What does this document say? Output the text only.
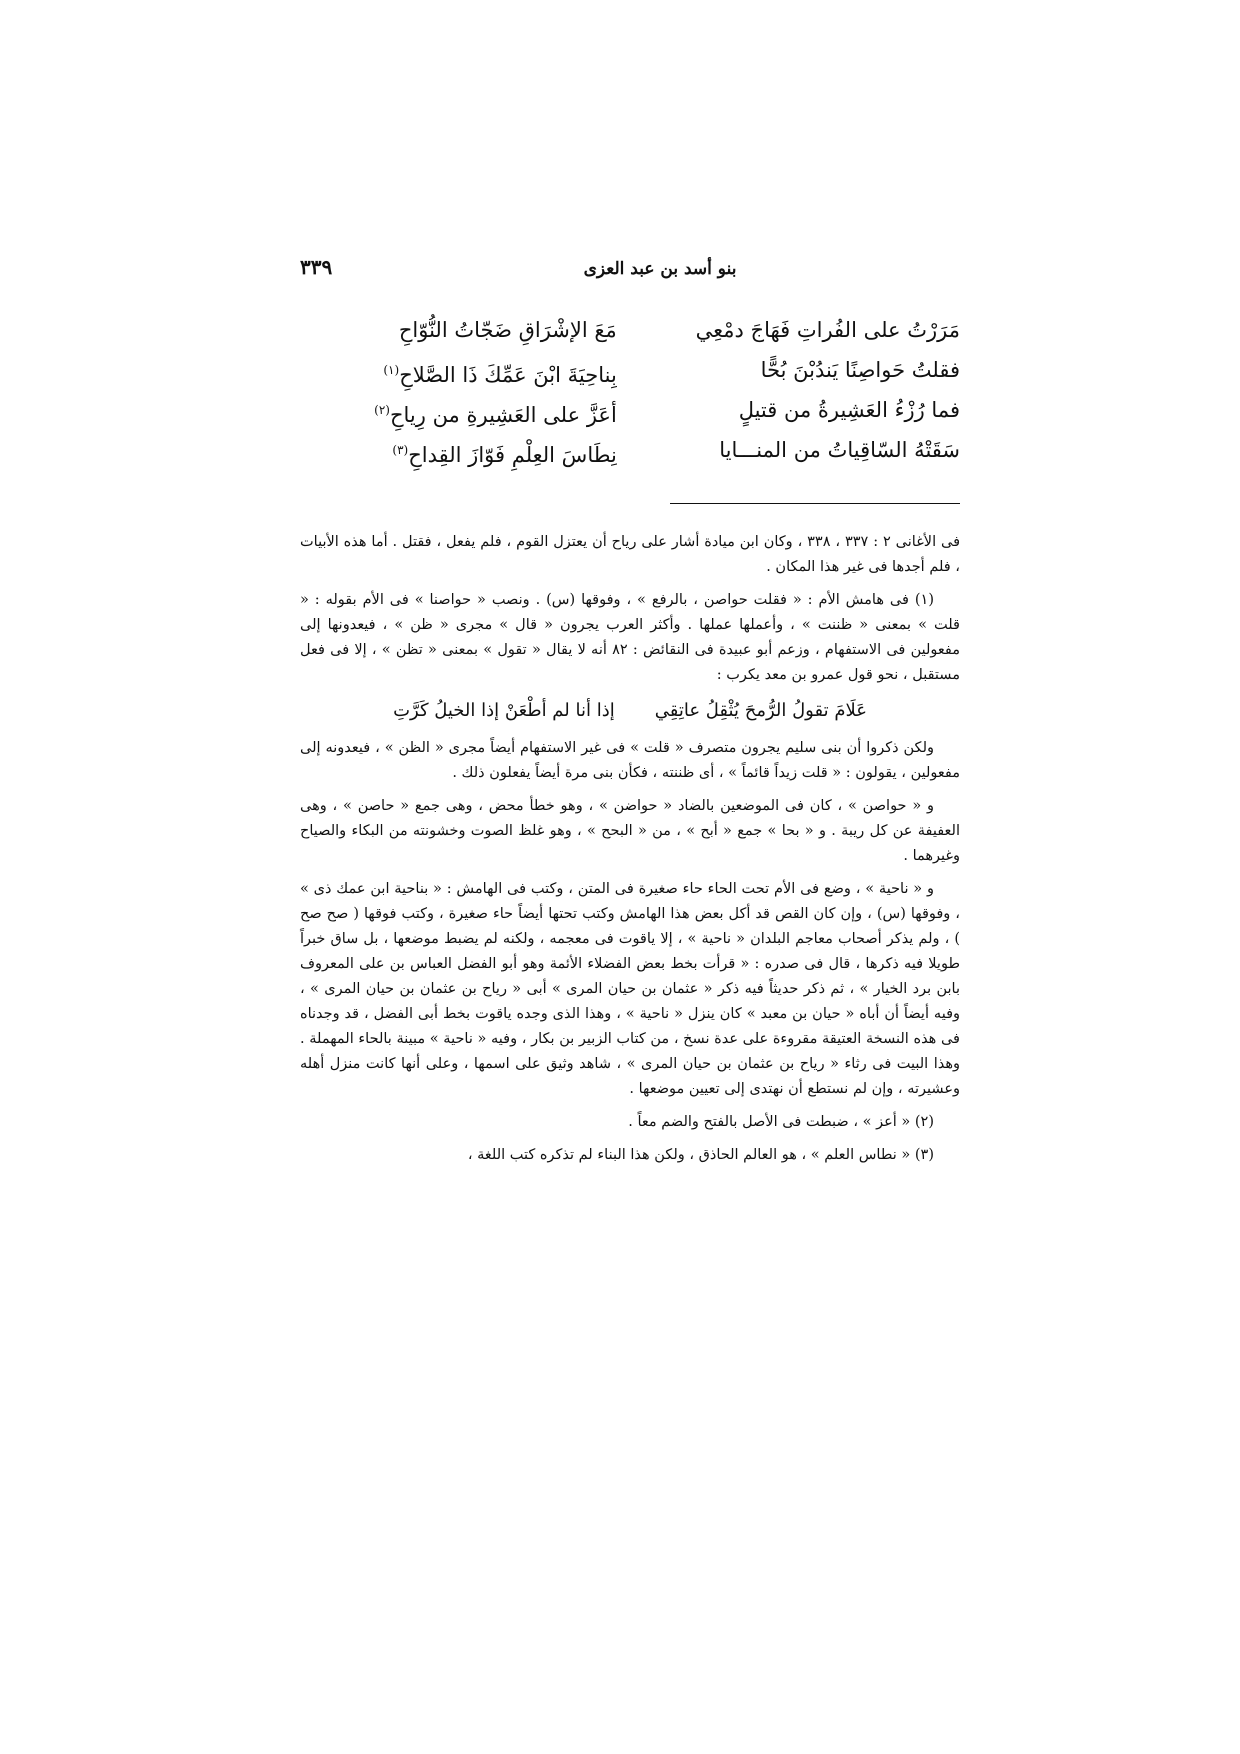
بنو أسد بن عبد العزى
٣٣٩
مَرَرْتُ على الفُراتِ فَهَاجَ دمْعِي
مَعَ الإشْرَاقِ ضَجّاتُ النُّوّاحِ
فقلتُ حَواصِنًا يَندُبْنَ بُحًّا
بِناحِيَةَ ابْنَ عَمِّكَ ذَا الصَّلاحِ$^{(١)}$
فما رُزْءُ العَشِيرةُ من قتيلٍ
أعَزَّ على العَشِيرةِ من رِياحِ$^{(٢)}$
سَقَتْهُ السّاقِياتُ من المنـــايا
نِطَاسَ العِلْمِ فَوّازَ القِداحِ$^{(٣)}$

فى الأغانى ٢ : ٣٣٧ ، ٣٣٨ ، وكان ابن ميادة أشار على رياح أن يعتزل القوم ، فلم يفعل ، فقتل . أما هذه الأبيات ، فلم أجدها فى غير هذا المكان .

(١) فى هامش الأم : « فقلت حواصن ، بالرفع » ، وفوقها (س) . ونصب « حواصنا » فى الأم بقوله : « قلت » بمعنى « ظننت » ، وأعملها عملها . وأكثر العرب يجرون « قال » مجرى « ظن » ، فيعدونها إلى مفعولين فى الاستفهام ، وزعم أبو عبيدة فى النقائض : ٨٢ أنه لا يقال « تقول » بمعنى « تظن » ، إلا فى فعل مستقبل ، نحو قول عمرو بن معد يكرب :

عَلَامَ تقولُ الرُّمحَ يُثْقِلُ عاتِقِي
إذا أنا لم أطْعَنْ إذا الخيلُ كَرَّتِ

ولكن ذكروا أن بنى سليم يجرون متصرف « قلت » فى غير الاستفهام أيضاً مجرى « الظن » ، فيعدونه إلى مفعولين ، يقولون : « قلت زيداً قائماً » ، أى ظننته ، فكأن بنى مرة أيضاً يفعلون ذلك .

و « حواصن » ، كان فى الموضعين بالضاد « حواضن » ، وهو خطأ محض ، وهى جمع « حاصن » ، وهى العفيفة عن كل ريبة . و « بحا » جمع « أبح » ، من « البحح » ، وهو غلظ الصوت وخشونته من البكاء والصياح وغيرهما .

و « ناحية » ، وضع فى الأم تحت الحاء حاء صغيرة فى المتن ، وكتب فى الهامش : « بناحية ابن عمك ذى » ، وفوقها (س) ، وإن كان القص قد أكل بعض هذا الهامش وكتب تحتها أيضاً حاء صغيرة ، وكتب فوقها ( صح صح ) ، ولم يذكر أصحاب معاجم البلدان « ناحية » ، إلا ياقوت فى معجمه ، ولكنه لم يضبط موضعها ، بل ساق خبراً طويلا فيه ذكرها ، قال فى صدره : « قرأت بخط بعض الفضلاء الأئمة وهو أبو الفضل العباس بن على المعروف بابن برد الخيار » ، ثم ذكر حديثاً فيه ذكر « عثمان بن حيان المرى » أبى « رياح بن عثمان بن حيان المرى » ، وفيه أيضاً أن أباه « حيان بن معبد » كان ينزل « ناحية » ، وهذا الذى وجده ياقوت بخط أبى الفضل ، قد وجدناه فى هذه النسخة العتيقة مقروءة على عدة نسخ ، من كتاب الزبير بن بكار ، وفيه « ناحية » مبينة بالحاء المهملة . وهذا البيت فى رثاء « رياح بن عثمان بن حيان المرى » ، شاهد وثيق على اسمها ، وعلى أنها كانت منزل أهله وعشيرته ، وإن لم نستطع أن نهتدى إلى تعيين موضعها .

(٢) « أعز » ، ضبطت فى الأصل بالفتح والضم معاً .

(٣) « نطاس العلم » ، هو العالم الحاذق ، ولكن هذا البناء لم تذكره كتب اللغة ،
